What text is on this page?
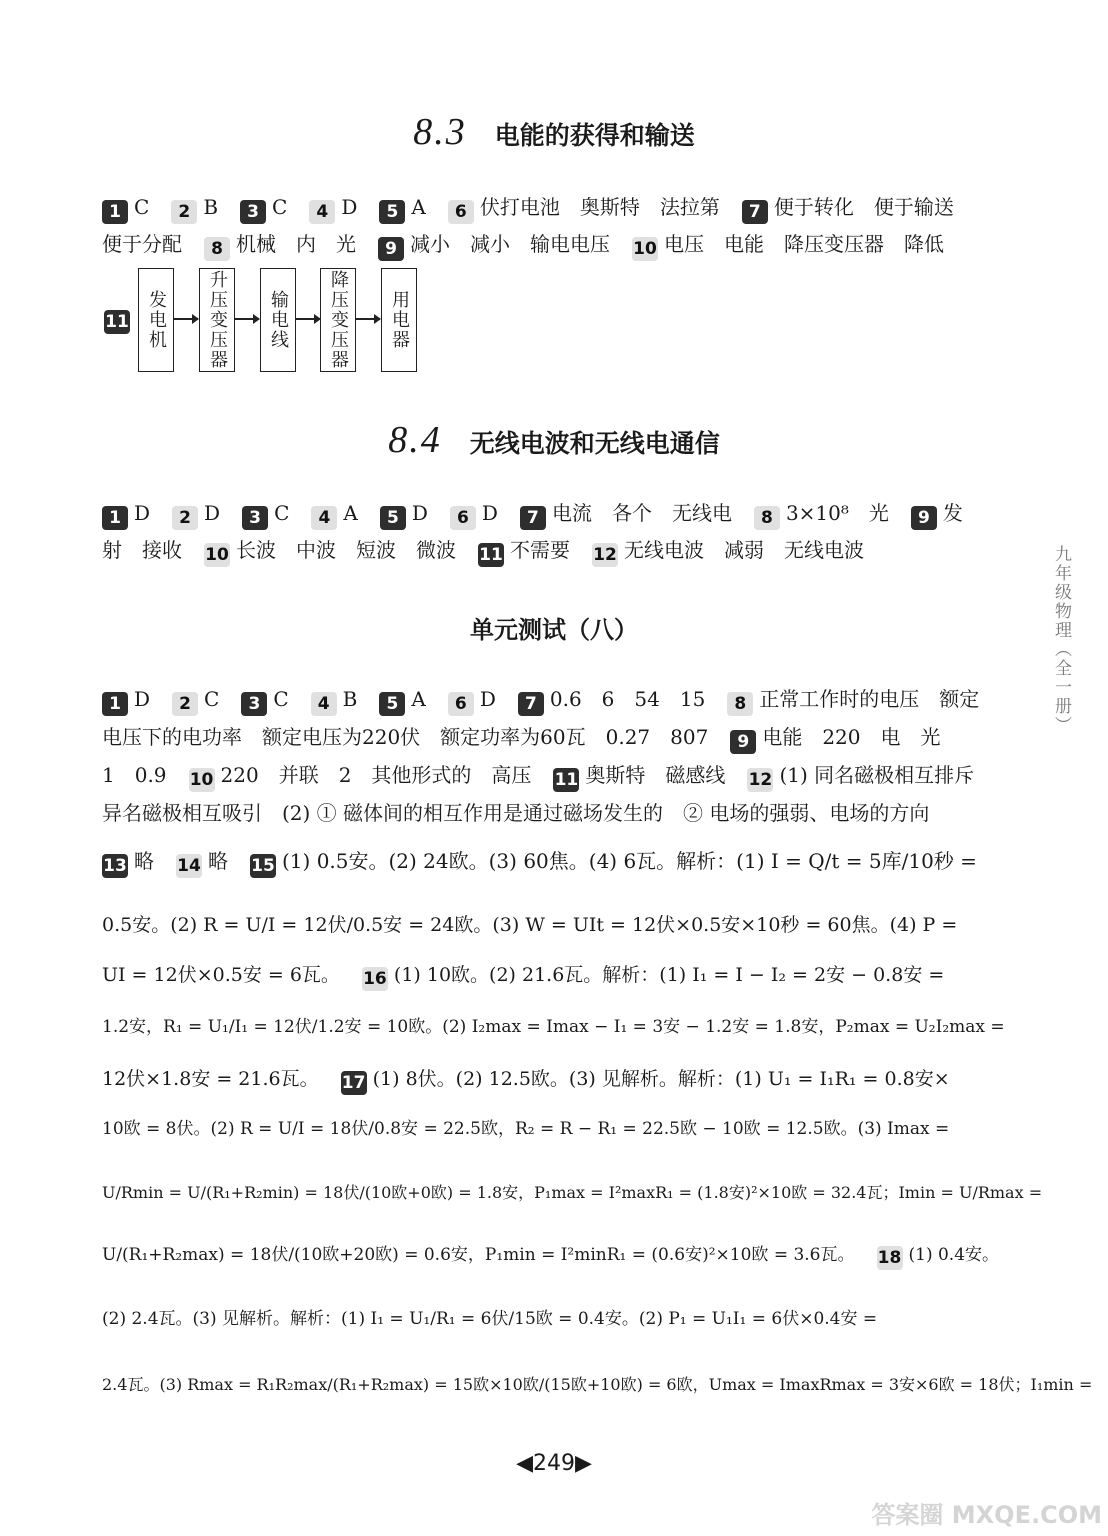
8.3 电能的获得和输送
1 C 2 B 3 C 4 D 5 A 6 伏打电池　奥斯特　法拉第 7 便于转化　便于输送
便于分配 8 机械　内　光 9 减小　减小　输电电压 10 电压　电能　降压变压器　降低
11 发电机 升压变压器 输电线 降压变压器 用电器
8.4 无线电波和无线电通信
1 D 2 D 3 C 4 A 5 D 6 D 7 电流　各个　无线电 8 3×10⁸　光 9 发
射　接收 10 长波　中波　短波　微波 11 不需要 12 无线电波　减弱　无线电波
单元测试（八）
1 D 2 C 3 C 4 B 5 A 6 D 7 0.6　6　54　15 8 正常工作时的电压　额定
电压下的电功率　额定电压为220伏　额定功率为60瓦　0.27　807 9 电能　220　电　光
1　0.9 10 220　并联　2　其他形式的　高压 11 奥斯特　磁感线 12 (1) 同名磁极相互排斥
异名磁极相互吸引　(2) ① 磁体间的相互作用是通过磁场发生的　② 电场的强弱、电场的方向
13 略 14 略 15 (1) 0.5安。(2) 24欧。(3) 60焦。(4) 6瓦。解析：(1) I = Q/t = 5库/10秒 =
0.5安。(2) R = U/I = 12伏/0.5安 = 24欧。(3) W = UIt = 12伏×0.5安×10秒 = 60焦。(4) P =
UI = 12伏×0.5安 = 6瓦。 16 (1) 10欧。(2) 21.6瓦。解析：(1) I₁ = I − I₂ = 2安 − 0.8安 =
1.2安，R₁ = U₁/I₁ = 12伏/1.2安 = 10欧。(2) I₂max = Imax − I₁ = 3安 − 1.2安 = 1.8安，P₂max = U₂I₂max =
12伏×1.8安 = 21.6瓦。 17 (1) 8伏。(2) 12.5欧。(3) 见解析。解析：(1) U₁ = I₁R₁ = 0.8安×
10欧 = 8伏。(2) R = U/I = 18伏/0.8安 = 22.5欧，R₂ = R − R₁ = 22.5欧 − 10欧 = 12.5欧。(3) Imax =
U/Rmin = U/(R₁+R₂min) = 18伏/(10欧+0欧) = 1.8安，P₁max = I²maxR₁ = (1.8安)²×10欧 = 32.4瓦；Imin = U/Rmax =
U/(R₁+R₂max) = 18伏/(10欧+20欧) = 0.6安，P₁min = I²minR₁ = (0.6安)²×10欧 = 3.6瓦。 18 (1) 0.4安。
(2) 2.4瓦。(3) 见解析。解析：(1) I₁ = U₁/R₁ = 6伏/15欧 = 0.4安。(2) P₁ = U₁I₁ = 6伏×0.4安 =
2.4瓦。(3) Rmax = R₁R₂max/(R₁+R₂max) = 15欧×10欧/(15欧+10欧) = 6欧，Umax = ImaxRmax = 3安×6欧 = 18伏；I₁min =
九年级物理（全一册）
◀249▶
答案圈 MXQE.COM
